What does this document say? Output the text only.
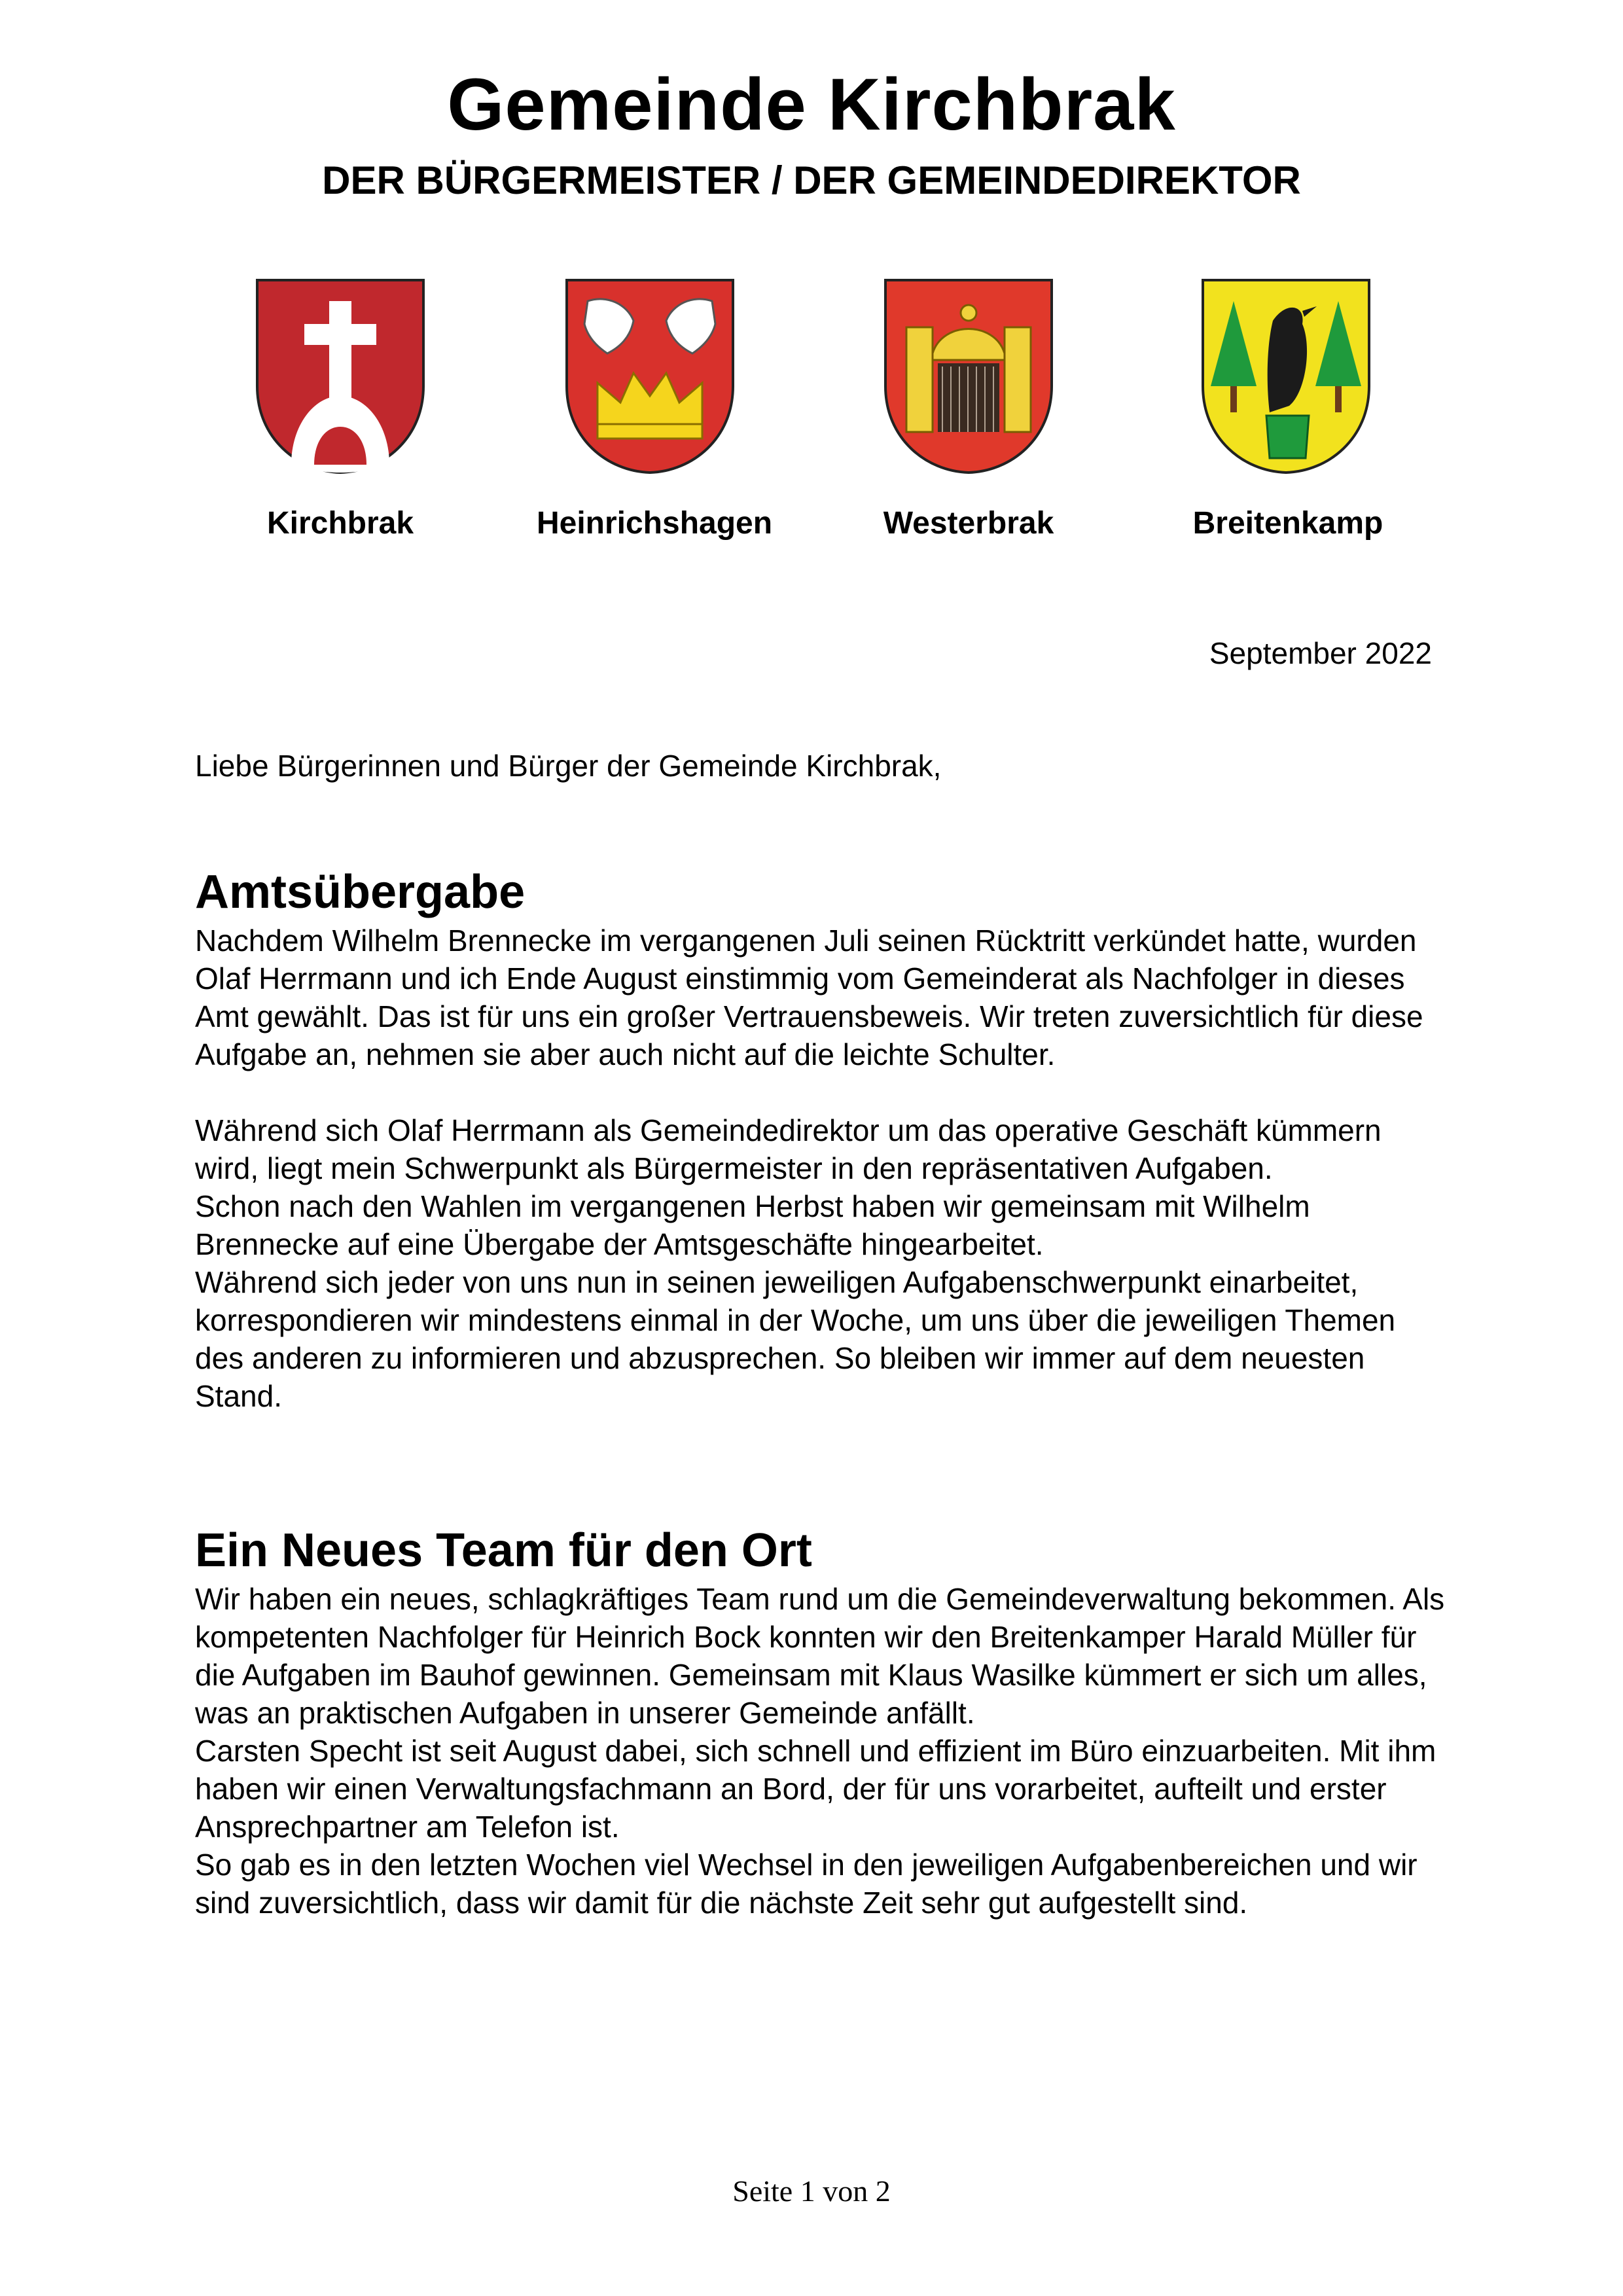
Gemeinde Kirchbrak
DER BÜRGERMEISTER / DER GEMEINDEDIREKTOR
Kirchbrak	Heinrichshagen	Westerbrak	Breitenkamp
September 2022
Liebe Bürgerinnen und Bürger der Gemeinde Kirchbrak,
Amtsübergabe

Nachdem Wilhelm Brennecke im vergangenen Juli seinen Rücktritt verkündet hatte, wurden Olaf Herrmann und ich Ende August einstimmig vom Gemeinderat als Nachfolger in dieses Amt gewählt. Das ist für uns ein großer Vertrauensbeweis. Wir treten zuversichtlich für diese Aufgabe an, nehmen sie aber auch nicht auf die leichte Schulter.

Während sich Olaf Herrmann als Gemeindedirektor um das operative Geschäft kümmern wird, liegt mein Schwerpunkt als Bürgermeister in den repräsentativen Aufgaben.

Schon nach den Wahlen im vergangenen Herbst haben wir gemeinsam mit Wilhelm Brennecke auf eine Übergabe der Amtsgeschäfte hingearbeitet.

Während sich jeder von uns nun in seinen jeweiligen Aufgabenschwerpunkt einarbeitet, korrespondieren wir mindestens einmal in der Woche, um uns über die jeweiligen Themen des anderen zu informieren und abzusprechen. So bleiben wir immer auf dem neuesten Stand.

Ein Neues Team für den Ort

Wir haben ein neues, schlagkräftiges Team rund um die Gemeindeverwaltung bekommen. Als kompetenten Nachfolger für Heinrich Bock konnten wir den Breitenkamper Harald Müller für die Aufgaben im Bauhof gewinnen. Gemeinsam mit Klaus Wasilke kümmert er sich um alles, was an praktischen Aufgaben in unserer Gemeinde anfällt.

Carsten Specht ist seit August dabei, sich schnell und effizient im Büro einzuarbeiten. Mit ihm haben wir einen Verwaltungsfachmann an Bord, der für uns vorarbeitet, aufteilt und erster Ansprechpartner am Telefon ist.

So gab es in den letzten Wochen viel Wechsel in den jeweiligen Aufgabenbereichen und wir sind zuversichtlich, dass wir damit für die nächste Zeit sehr gut aufgestellt sind.

Seite 1 von 2
